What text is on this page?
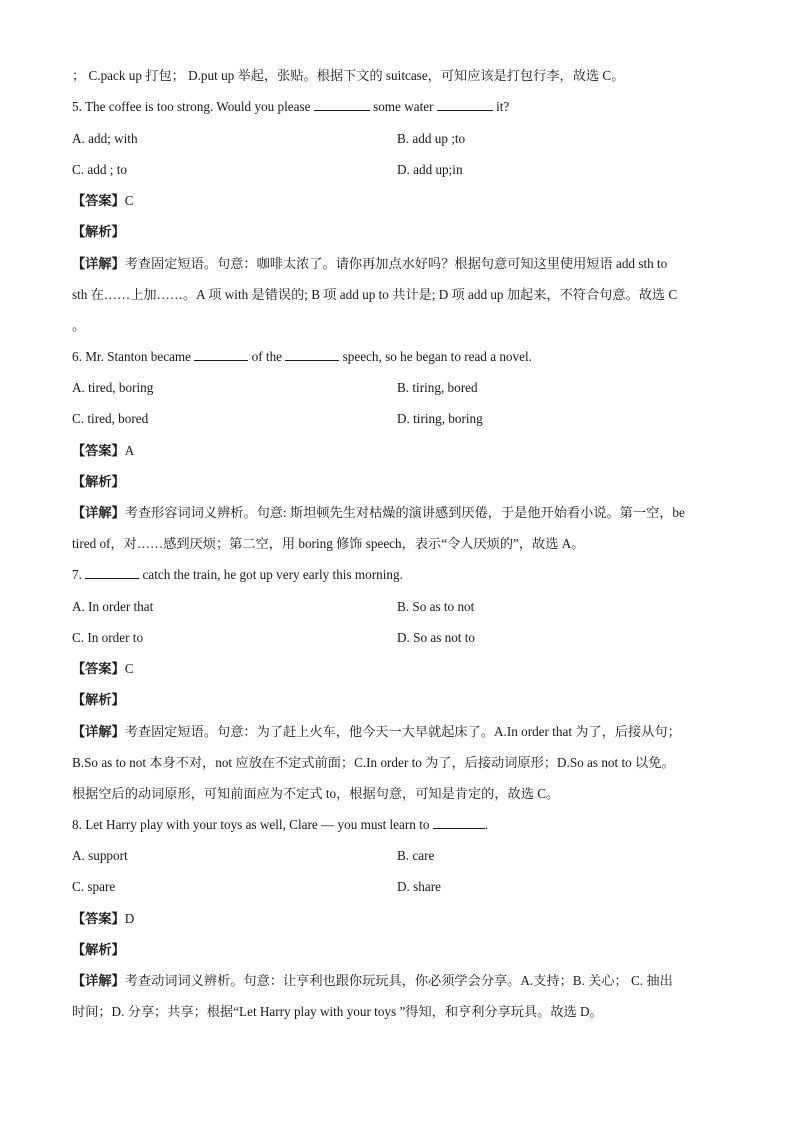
； C.pack up 打包； D.put up 举起，张贴。根据下文的 suitcase，可知应该是打包行李，故选 C。
5. The coffee is too strong. Would you please	some water	it?
A. add; with	B. add up ;to
C. add ; to	D. add up;in
【答案】C
【解析】
【详解】考查固定短语。句意：咖啡太浓了。请你再加点水好吗？根据句意可知这里使用短语 add sth to
sth 在……上加……。A 项 with 是错误的; B 项 add up to 共计是; D 项 add up 加起来，不符合句意。故选 C
。
6. Mr. Stanton became	of the	speech, so he began to read a novel.
A. tired, boring	B. tiring, bored
C. tired, bored	D. tiring, boring
【答案】A
【解析】
【详解】考查形容词词义辨析。句意: 斯坦顿先生对枯燥的演讲感到厌倦，于是他开始看小说。第一空，be
tired of，对……感到厌烦；第二空，用 boring 修饰 speech，表示“令人厌烦的”，故选 A。
7.	catch the train, he got up very early this morning.
A. In order that	B. So as to not
C. In order to	D. So as not to
【答案】C
【解析】
【详解】考查固定短语。句意：为了赶上火车，他今天一大早就起床了。A.In order that 为了，后接从句；
B.So as to not 本身不对，not 应放在不定式前面；C.In order to 为了，后接动词原形；D.So as not to 以免。
根据空后的动词原形，可知前面应为不定式 to，根据句意，可知是肯定的，故选 C。
8. Let Harry play with your toys as well, Clare — you must learn to	.
A. support	B. care
C. spare	D. share
【答案】D
【解析】
【详解】考查动词词义辨析。句意：让亨利也跟你玩玩具，你必须学会分享。A.支持；B. 关心； C. 抽出
时间；D. 分享；共享；根据“Let Harry play with your toys ”得知，和亨利分享玩具。故选 D。
